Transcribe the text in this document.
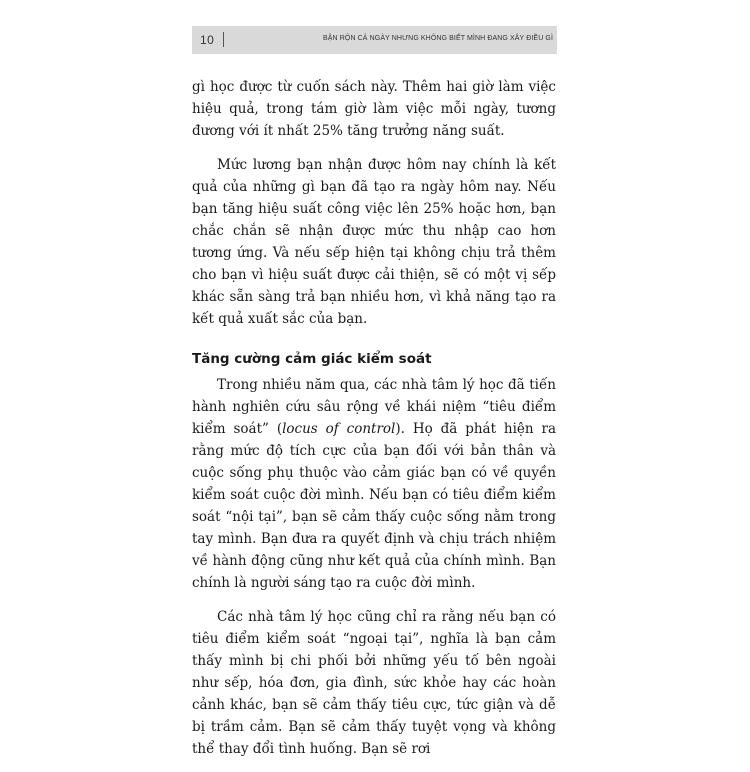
10	BẬN RỘN CẢ NGÀY NHƯNG KHÔNG BIẾT MÌNH ĐANG XÂY ĐIỀU GÌ

gì học được từ cuốn sách này. Thêm hai giờ làm việc hiệu quả, trong tám giờ làm việc mỗi ngày, tương đương với ít nhất 25% tăng trưởng năng suất.

Mức lương bạn nhận được hôm nay chính là kết quả của những gì bạn đã tạo ra ngày hôm nay. Nếu bạn tăng hiệu suất công việc lên 25% hoặc hơn, bạn chắc chắn sẽ nhận được mức thu nhập cao hơn tương ứng. Và nếu sếp hiện tại không chịu trả thêm cho bạn vì hiệu suất được cải thiện, sẽ có một vị sếp khác sẵn sàng trả bạn nhiều hơn, vì khả năng tạo ra kết quả xuất sắc của bạn.

Tăng cường cảm giác kiểm soát

Trong nhiều năm qua, các nhà tâm lý học đã tiến hành nghiên cứu sâu rộng về khái niệm “tiêu điểm kiểm soát” (locus of control). Họ đã phát hiện ra rằng mức độ tích cực của bạn đối với bản thân và cuộc sống phụ thuộc vào cảm giác bạn có về quyền kiểm soát cuộc đời mình. Nếu bạn có tiêu điểm kiểm soát “nội tại”, bạn sẽ cảm thấy cuộc sống nằm trong tay mình. Bạn đưa ra quyết định và chịu trách nhiệm về hành động cũng như kết quả của chính mình. Bạn chính là người sáng tạo ra cuộc đời mình.

Các nhà tâm lý học cũng chỉ ra rằng nếu bạn có tiêu điểm kiểm soát “ngoại tại”, nghĩa là bạn cảm thấy mình bị chi phối bởi những yếu tố bên ngoài như sếp, hóa đơn, gia đình, sức khỏe hay các hoàn cảnh khác, bạn sẽ cảm thấy tiêu cực, tức giận và dễ bị trầm cảm. Bạn sẽ cảm thấy tuyệt vọng và không thể thay đổi tình huống. Bạn sẽ rơi
